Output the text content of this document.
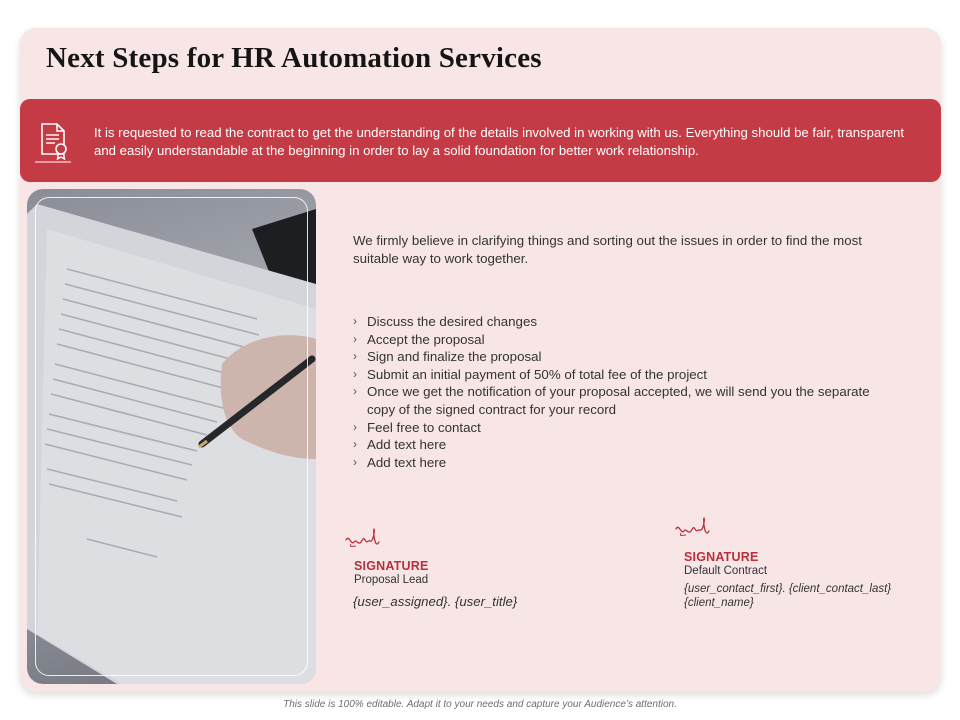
Next Steps for HR Automation Services

It is requested to read the contract to get the understanding of the details involved in working with us. Everything should be fair, transparent and easily understandable at the beginning in order to lay a solid foundation for better work relationship.

We firmly believe in clarifying things and sorting out the issues in order to find the most suitable way to work together.

› Discuss the desired changes
› Accept the proposal
› Sign and finalize the proposal
› Submit an initial payment of 50% of total fee of the project
› Once we get the notification of your proposal accepted, we will send you the separate copy of the signed contract for your record
› Feel free to contact
› Add text here
› Add text here
SIGNATURE
Proposal Lead
{user_assigned}. {user_title}
SIGNATURE
Default Contract
{user_contact_first}. {client_contact_last}
{client_name}
This slide is 100% editable. Adapt it to your needs and capture your Audience’s attention.
